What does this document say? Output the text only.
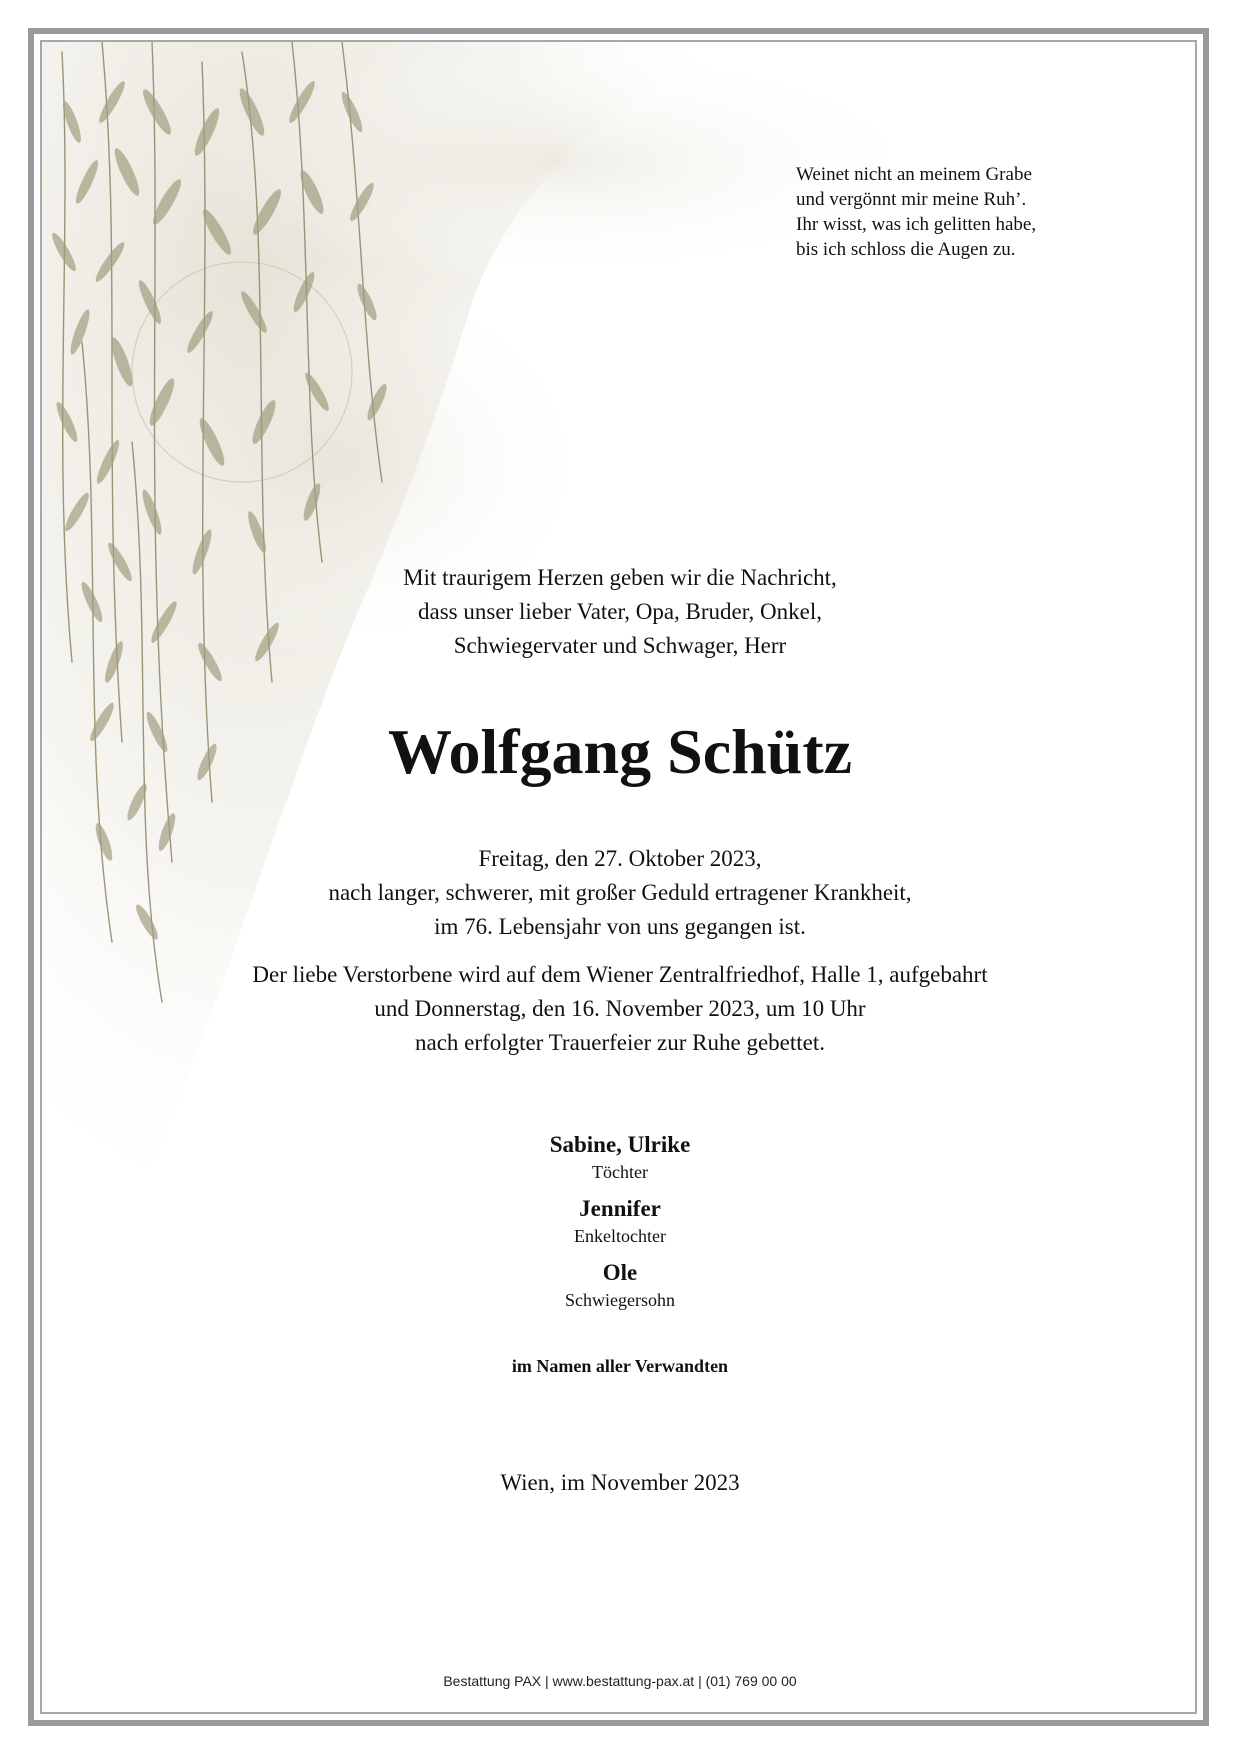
Weinet nicht an meinem Grabe

und vergönnt mir meine Ruh’.

Ihr wisst, was ich gelitten habe,

bis ich schloss die Augen zu.

Mit traurigem Herzen geben wir die Nachricht,

dass unser lieber Vater, Opa, Bruder, Onkel,

Schwiegervater und Schwager, Herr

Wolfgang Schütz

Freitag, den 27. Oktober 2023,

nach langer, schwerer, mit großer Geduld ertragener Krankheit,

im 76. Lebensjahr von uns gegangen ist.

Der liebe Verstorbene wird auf dem Wiener Zentralfriedhof, Halle 1, aufgebahrt

und Donnerstag, den 16. November 2023, um 10 Uhr

nach erfolgter Trauerfeier zur Ruhe gebettet.

Sabine, Ulrike
Töchter
Jennifer
Enkeltochter
Ole
Schwiegersohn
im Namen aller Verwandten
Wien, im November 2023
Bestattung PAX | www.bestattung-pax.at | (01) 769 00 00
